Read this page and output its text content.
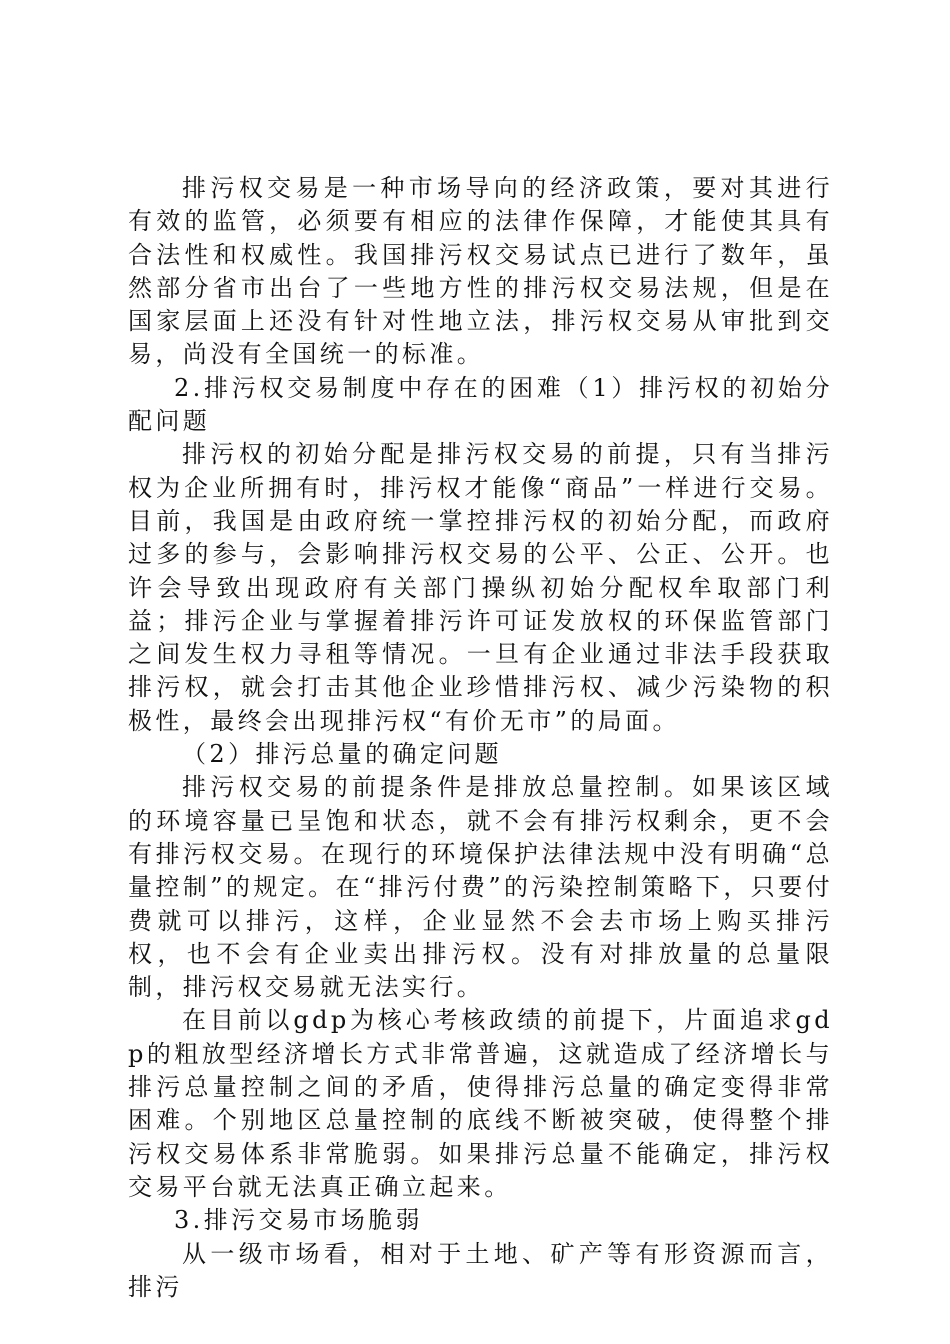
排污权交易是一种市场导向的经济政策，要对其进行有效的监管，必须要有相应的法律作保障，才能使其具有合法性和权威性。我国排污权交易试点已进行了数年，虽然部分省市出台了一些地方性的排污权交易法规，但是在国家层面上还没有针对性地立法，排污权交易从审批到交易，尚没有全国统一的标准。

2.排污权交易制度中存在的困难（1）排污权的初始分配问题

排污权的初始分配是排污权交易的前提，只有当排污权为企业所拥有时，排污权才能像“商品”一样进行交易。目前，我国是由政府统一掌控排污权的初始分配，而政府过多的参与，会影响排污权交易的公平、公正、公开。也许会导致出现政府有关部门操纵初始分配权牟取部门利益；排污企业与掌握着排污许可证发放权的环保监管部门之间发生权力寻租等情况。一旦有企业通过非法手段获取排污权，就会打击其他企业珍惜排污权、减少污染物的积极性，最终会出现排污权“有价无市”的局面。

（2）排污总量的确定问题

排污权交易的前提条件是排放总量控制。如果该区域的环境容量已呈饱和状态，就不会有排污权剩余，更不会有排污权交易。在现行的环境保护法律法规中没有明确“总量控制”的规定。在“排污付费”的污染控制策略下，只要付费就可以排污，这样，企业显然不会去市场上购买排污权，也不会有企业卖出排污权。没有对排放量的总量限制，排污权交易就无法实行。

在目前以gdp为核心考核政绩的前提下，片面追求gdp的粗放型经济增长方式非常普遍，这就造成了经济增长与排污总量控制之间的矛盾，使得排污总量的确定变得非常困难。个别地区总量控制的底线不断被突破，使得整个排污权交易体系非常脆弱。如果排污总量不能确定，排污权交易平台就无法真正确立起来。

3.排污交易市场脆弱

从一级市场看，相对于土地、矿产等有形资源而言，排污
